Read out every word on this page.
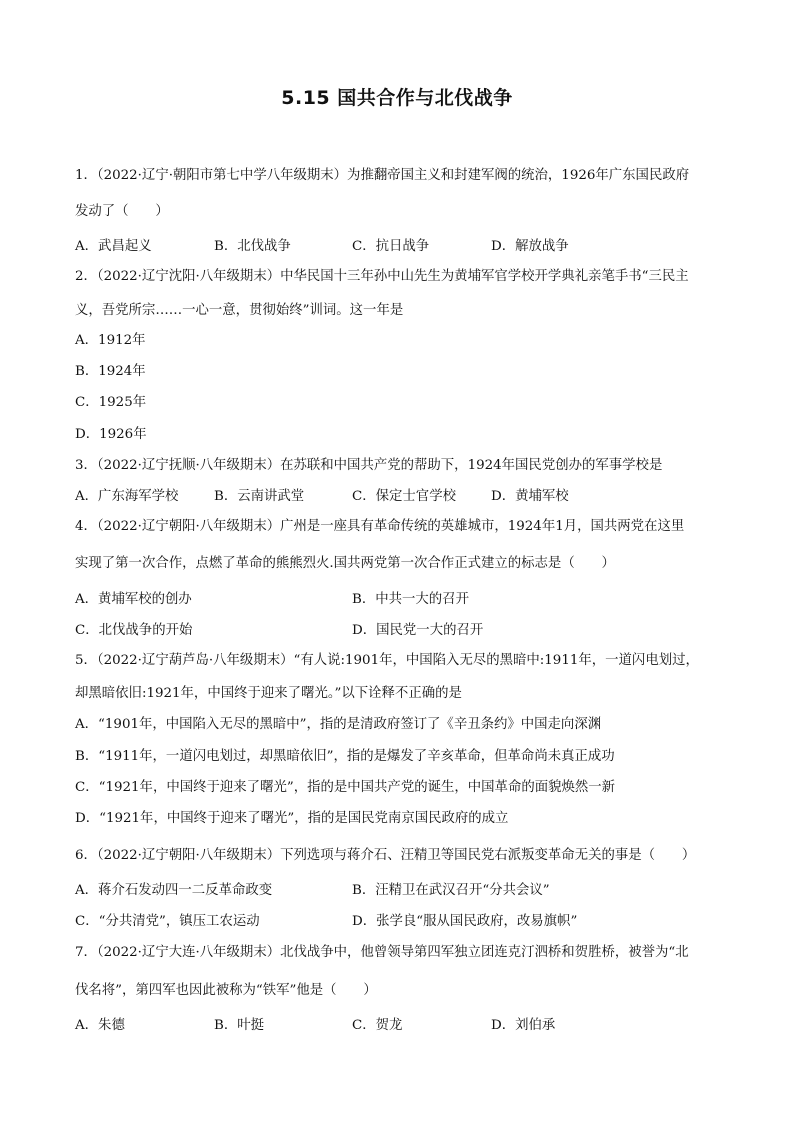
5.15 国共合作与北伐战争
1．（2022·辽宁·朝阳市第七中学八年级期末）为推翻帝国主义和封建军阀的统治，1926年广东国民政府
发动了（　　）
A．武昌起义	B．北伐战争	C．抗日战争	D．解放战争
2．（2022·辽宁沈阳·八年级期末）中华民国十三年孙中山先生为黄埔军官学校开学典礼亲笔手书“三民主
义，吾党所宗……一心一意，贯彻始终”训词。这一年是
A．1912年
B．1924年
C．1925年
D．1926年
3．（2022·辽宁抚顺·八年级期末）在苏联和中国共产党的帮助下，1924年国民党创办的军事学校是
A．广东海军学校	B．云南讲武堂	C．保定士官学校	D．黄埔军校
4．（2022·辽宁朝阳·八年级期末）广州是一座具有革命传统的英雄城市，1924年1月，国共两党在这里
实现了第一次合作，点燃了革命的熊熊烈火.国共两党第一次合作正式建立的标志是（　　）
A．黄埔军校的创办	B．中共一大的召开
C．北伐战争的开始	D．国民党一大的召开
5．（2022·辽宁葫芦岛·八年级期末）“有人说:1901年，中国陷入无尽的黑暗中:1911年，一道闪电划过，
却黑暗依旧:1921年，中国终于迎来了曙光。”以下诠释不正确的是
A．“1901年，中国陷入无尽的黑暗中”，指的是清政府签订了《辛丑条约》中国走向深渊
B．“1911年，一道闪电划过，却黑暗依旧”，指的是爆发了辛亥革命，但革命尚未真正成功
C．“1921年，中国终于迎来了曙光”，指的是中国共产党的诞生，中国革命的面貌焕然一新
D．“1921年，中国终于迎来了曙光”，指的是国民党南京国民政府的成立
6．（2022·辽宁朝阳·八年级期末）下列选项与蒋介石、汪精卫等国民党右派叛变革命无关的事是（　　）
A．蒋介石发动四一二反革命政变	B．汪精卫在武汉召开“分共会议”
C．“分共清党”，镇压工农运动	D．张学良“服从国民政府，改易旗帜”
7．（2022·辽宁大连·八年级期末）北伐战争中，他曾领导第四军独立团连克汀泗桥和贺胜桥，被誉为“北
伐名将”，第四军也因此被称为“铁军”他是（　　）
A．朱德	B．叶挺	C．贺龙	D．刘伯承
